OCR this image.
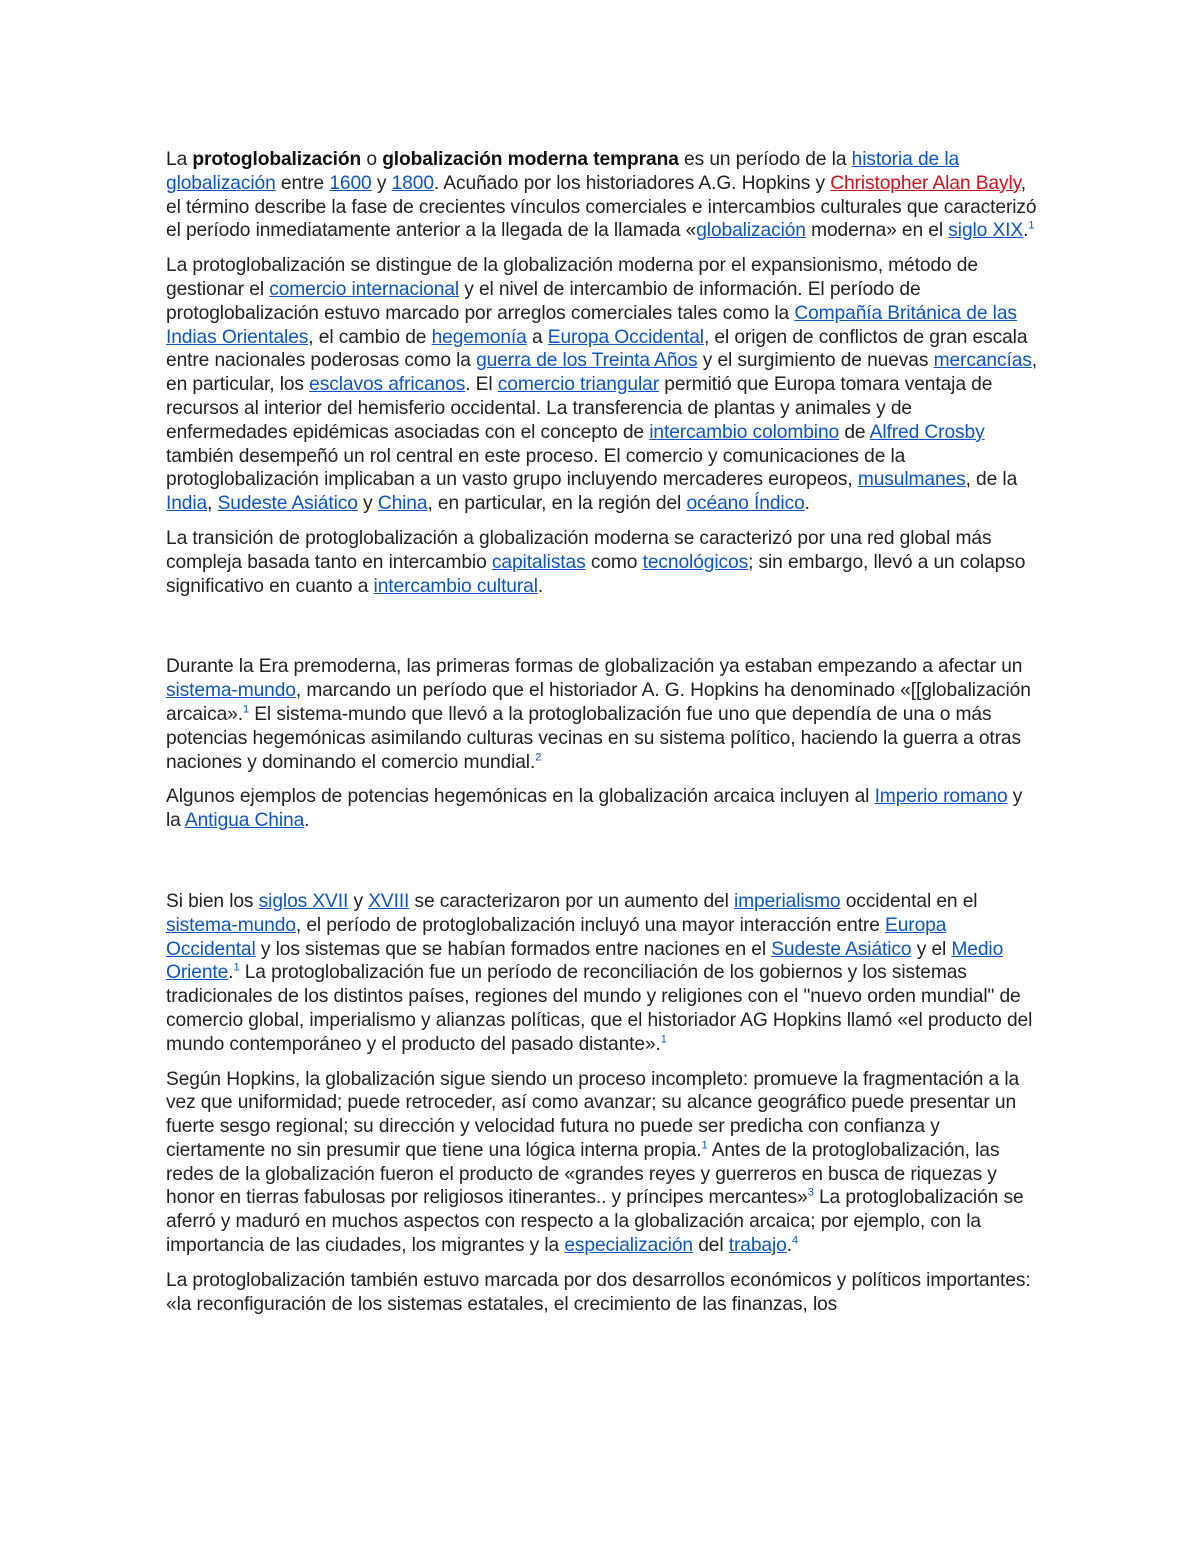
La protoglobalización o globalización moderna temprana es un período de la historia de la globalización entre 1600 y 1800. Acuñado por los historiadores A.G. Hopkins y Christopher Alan Bayly, el término describe la fase de crecientes vínculos comerciales e intercambios culturales que caracterizó el período inmediatamente anterior a la llegada de la llamada «globalización moderna» en el siglo XIX.$^1$

La protoglobalización se distingue de la globalización moderna por el expansionismo, método de gestionar el comercio internacional y el nivel de intercambio de información. El período de protoglobalización estuvo marcado por arreglos comerciales tales como la Compañía Británica de las Indias Orientales, el cambio de hegemonía a Europa Occidental, el origen de conflictos de gran escala entre nacionales poderosas como la guerra de los Treinta Años y el surgimiento de nuevas mercancías, en particular, los esclavos africanos. El comercio triangular permitió que Europa tomara ventaja de recursos al interior del hemisferio occidental. La transferencia de plantas y animales y de enfermedades epidémicas asociadas con el concepto de intercambio colombino de Alfred Crosby también desempeñó un rol central en este proceso. El comercio y comunicaciones de la protoglobalización implicaban a un vasto grupo incluyendo mercaderes europeos, musulmanes, de la India, Sudeste Asiático y China, en particular, en la región del océano Índico.

La transición de protoglobalización a globalización moderna se caracterizó por una red global más compleja basada tanto en intercambio capitalistas como tecnológicos; sin embargo, llevó a un colapso significativo en cuanto a intercambio cultural.

Durante la Era premoderna, las primeras formas de globalización ya estaban empezando a afectar un sistema-mundo, marcando un período que el historiador A. G. Hopkins ha denominado «[[globalización arcaica».$^1$ El sistema-mundo que llevó a la protoglobalización fue uno que dependía de una o más potencias hegemónicas asimilando culturas vecinas en su sistema político, haciendo la guerra a otras naciones y dominando el comercio mundial.$^2$

Algunos ejemplos de potencias hegemónicas en la globalización arcaica incluyen al Imperio romano y la Antigua China.

Si bien los siglos XVII y XVIII se caracterizaron por un aumento del imperialismo occidental en el sistema-mundo, el período de protoglobalización incluyó una mayor interacción entre Europa Occidental y los sistemas que se habían formados entre naciones en el Sudeste Asiático y el Medio Oriente.$^1$ La protoglobalización fue un período de reconciliación de los gobiernos y los sistemas tradicionales de los distintos países, regiones del mundo y religiones con el "nuevo orden mundial" de comercio global, imperialismo y alianzas políticas, que el historiador AG Hopkins llamó «el producto del mundo contemporáneo y el producto del pasado distante».$^1$

Según Hopkins, la globalización sigue siendo un proceso incompleto: promueve la fragmentación a la vez que uniformidad; puede retroceder, así como avanzar; su alcance geográfico puede presentar un fuerte sesgo regional; su dirección y velocidad futura no puede ser predicha con confianza y ciertamente no sin presumir que tiene una lógica interna propia.$^1$ Antes de la protoglobalización, las redes de la globalización fueron el producto de «grandes reyes y guerreros en busca de riquezas y honor en tierras fabulosas por religiosos itinerantes.. y príncipes mercantes»$^3$ La protoglobalización se aferró y maduró en muchos aspectos con respecto a la globalización arcaica; por ejemplo, con la importancia de las ciudades, los migrantes y la especialización del trabajo.$^4$

La protoglobalización también estuvo marcada por dos desarrollos económicos y políticos importantes: «la reconfiguración de los sistemas estatales, el crecimiento de las finanzas, los
